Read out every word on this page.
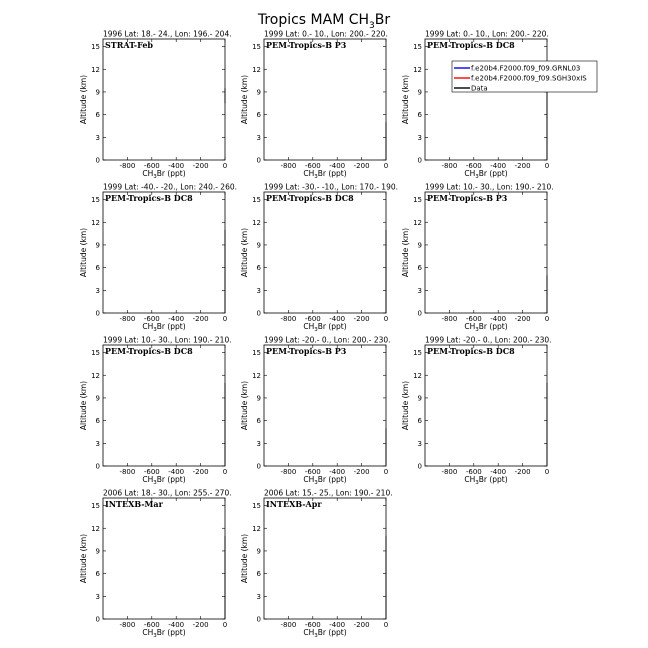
Tropics MAM $CH_3Br$
1996 Lat: 18.- 24., Lon: 196.- 204.
STRAT-Feb
-800 -600 -400 -200 0
0
3
6
9
12
15
$CH_3Br$ (ppt)
Altitude (km)
1999 Lat: 0.- 10., Lon: 200.- 220.
PEM-Tropics-B P3
-800 -600 -400 -200 0
0
3
6
9
12
15
$CH_3Br$ (ppt)
Altitude (km)
1999 Lat: 0.- 10., Lon: 200.- 220.
PEM-Tropics-B DC8
-800 -600 -400 -200 0
0
3
6
9
12
15
$CH_3Br$ (ppt)
Altitude (km)
1999 Lat: -40.- -20., Lon: 240.- 260.
PEM-Tropics-B DC8
-800 -600 -400 -200 0
0
3
6
9
12
15
$CH_3Br$ (ppt)
Altitude (km)
1999 Lat: -30.- -10., Lon: 170.- 190.
PEM-Tropics-B DC8
-800 -600 -400 -200 0
0
3
6
9
12
15
$CH_3Br$ (ppt)
Altitude (km)
1999 Lat: 10.- 30., Lon: 190.- 210.
PEM-Tropics-B P3
-800 -600 -400 -200 0
0
3
6
9
12
15
$CH_3Br$ (ppt)
Altitude (km)
1999 Lat: 10.- 30., Lon: 190.- 210.
PEM-Tropics-B DC8
-800 -600 -400 -200 0
0
3
6
9
12
15
$CH_3Br$ (ppt)
Altitude (km)
1999 Lat: -20.- 0., Lon: 200.- 230.
PEM-Tropics-B P3
-800 -600 -400 -200 0
0
3
6
9
12
15
$CH_3Br$ (ppt)
Altitude (km)
1999 Lat: -20.- 0., Lon: 200.- 230.
PEM-Tropics-B DC8
-800 -600 -400 -200 0
0
3
6
9
12
15
$CH_3Br$ (ppt)
Altitude (km)
2006 Lat: 18.- 30., Lon: 255.- 270.
INTEXB-Mar
-800 -600 -400 -200 0
0
3
6
9
12
15
$CH_3Br$ (ppt)
Altitude (km)
2006 Lat: 15.- 25., Lon: 190.- 210.
INTEXB-Apr
-800 -600 -400 -200 0
0
3
6
9
12
15
$CH_3Br$ (ppt)
Altitude (km)
f.e20b4.F2000.f09_f09.GRNL03
f.e20b4.F2000.f09_f09.SGH30xIS
Data
